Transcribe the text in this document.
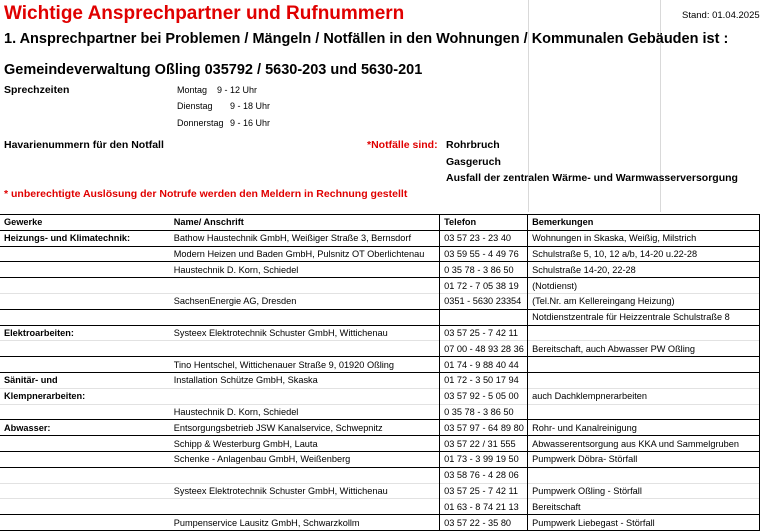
Wichtige Ansprechpartner und Rufnummern	Stand: 01.04.2025
1. Ansprechpartner bei Problemen / Mängeln / Notfällen in den Wohnungen / Kommunalen Gebäuden ist :
Gemeindeverwaltung Oßling 035792 / 5630-203 und 5630-201
Sprechzeiten	Montag 9 - 12 Uhr
Dienstag 9 - 18 Uhr
Donnerstag 9 - 16 Uhr
Havarienummern für den Notfall	*Notfälle sind: Rohrbruch
Gasgeruch
Ausfall der zentralen Wärme- und Warmwasserversorgung
* unberechtigte Auslösung der Notrufe werden den Meldern in Rechnung gestellt
Gewerke	Name/ Anschrift	Telefon	Bemerkungen
Heizungs- und Klimatechnik:	Bathow Haustechnik GmbH, Weißiger Straße 3, Bernsdorf	03 57 23 - 23 40	Wohnungen in Skaska, Weißig, Milstrich
	Modern Heizen und Baden GmbH, Pulsnitz OT Oberlichtenau	03 59 55 - 4 49 76	Schulstraße 5, 10, 12 a/b, 14-20 u.22-28
	Haustechnik D. Korn, Schiedel	0 35 78 - 3 86 50	Schulstraße 14-20, 22-28
		01 72 - 7 05 38 19	(Notdienst)
	SachsenEnergie AG, Dresden	0351 - 5630 23354	(Tel.Nr. am Kellereingang Heizung)
			Notdienstzentrale für Heizzentrale Schulstraße 8
Elektroarbeiten:	Systeex Elektrotechnik Schuster GmbH, Wittichenau	03 57 25 - 7 42 11	
		07 00 - 48 93 28 36	Bereitschaft, auch Abwasser PW Oßling
	Tino Hentschel, Wittichenauer Straße 9, 01920 Oßling	01 74 - 9 88 40 44	
Sänitär- und	Installation Schütze GmbH, Skaska	01 72 - 3 50 17 94	
Klempnerarbeiten:		03 57 92 - 5 05 00	auch Dachklempnerarbeiten
	Haustechnik D. Korn, Schiedel	0 35 78 - 3 86 50	
Abwasser:	Entsorgungsbetrieb JSW Kanalservice, Schwepnitz	03 57 97 - 64 89 80	Rohr- und Kanalreinigung
	Schipp & Westerburg GmbH, Lauta	03 57 22 / 31 555	Abwasserentsorgung aus KKA und Sammelgruben
	Schenke - Anlagenbau GmbH, Weißenberg	01 73 - 3 99 19 50	Pumpwerk Döbra- Störfall
		03 58 76 - 4 28 06	
	Systeex Elektrotechnik Schuster GmbH, Wittichenau	03 57 25 - 7 42 11	Pumpwerk Oßling - Störfall
		01 63 - 8 74 21 13	Bereitschaft
	Pumpenservice Lausitz GmbH, Schwarzkollm	03 57 22 - 35 80	Pumpwerk Liebegast - Störfall
